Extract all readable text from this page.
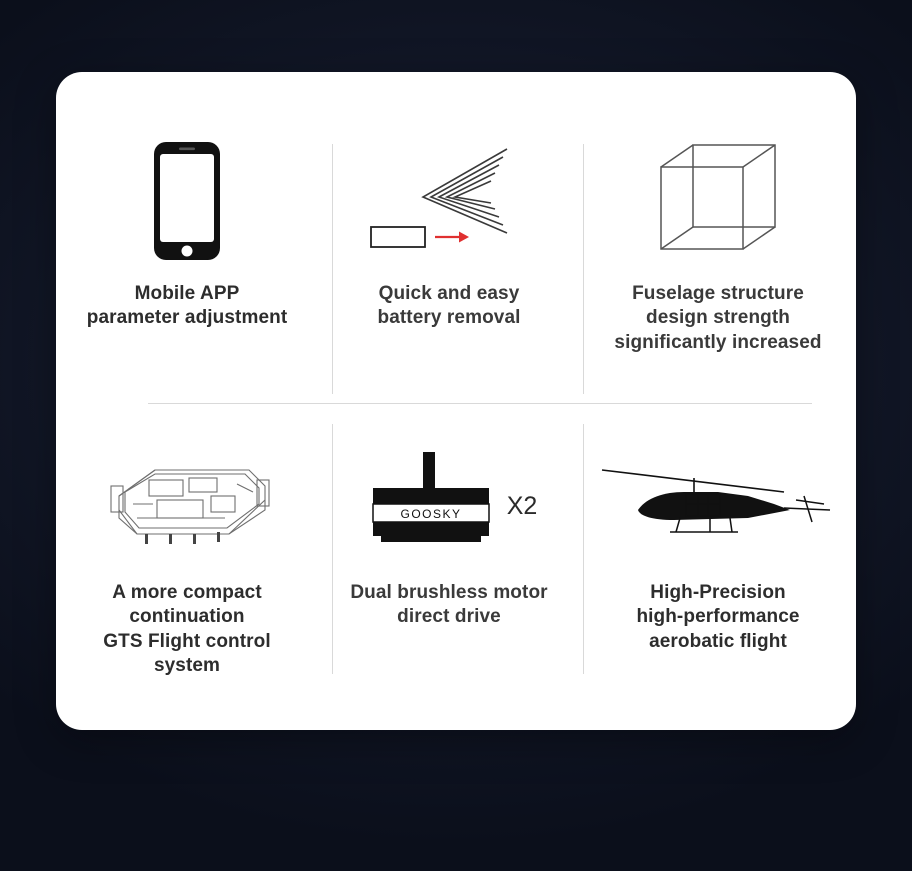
Mobile APP
parameter adjustment
Quick and easy
battery removal
Fuselage structure
design strength
significantly increased
A more compact
continuation
GTS Flight control
system
GOOSKY X2
Dual brushless motor
direct drive
High-Precision
high-performance
aerobatic flight
